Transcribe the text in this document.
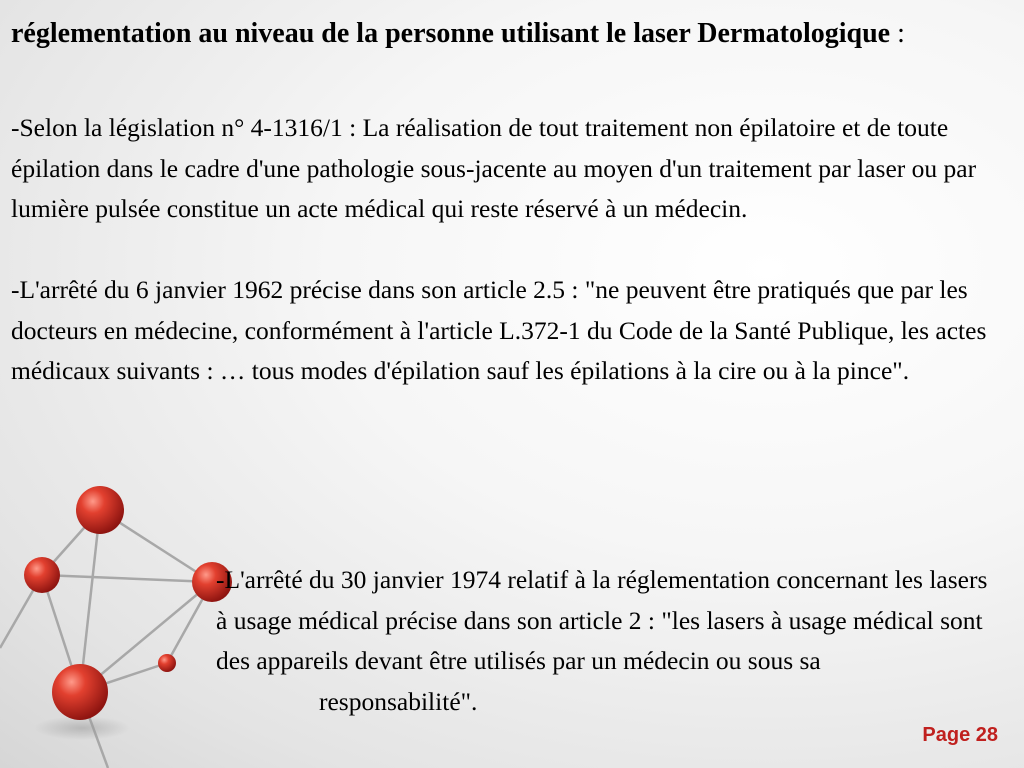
réglementation au niveau de la personne utilisant le laser Dermatologique :

-Selon la législation n° 4-1316/1 : La réalisation de tout traitement non épilatoire et de toute épilation dans le cadre d'une pathologie sous-jacente au moyen d'un traitement par laser ou par lumière pulsée constitue un acte médical qui reste réservé à un médecin.

-L'arrêté du 6 janvier 1962 précise dans son article 2.5 : "ne peuvent être pratiqués que par les docteurs en médecine, conformément à l'article L.372-1 du Code de la Santé Publique, les actes médicaux suivants : … tous modes d'épilation sauf les épilations à la cire ou à la pince".

-L'arrêté du 30 janvier 1974 relatif à la réglementation concernant les lasers à usage médical précise dans son article 2 : "les lasers à usage médical sont des appareils devant être utilisés par un médecin ou sous sa
responsabilité".

Page 28
